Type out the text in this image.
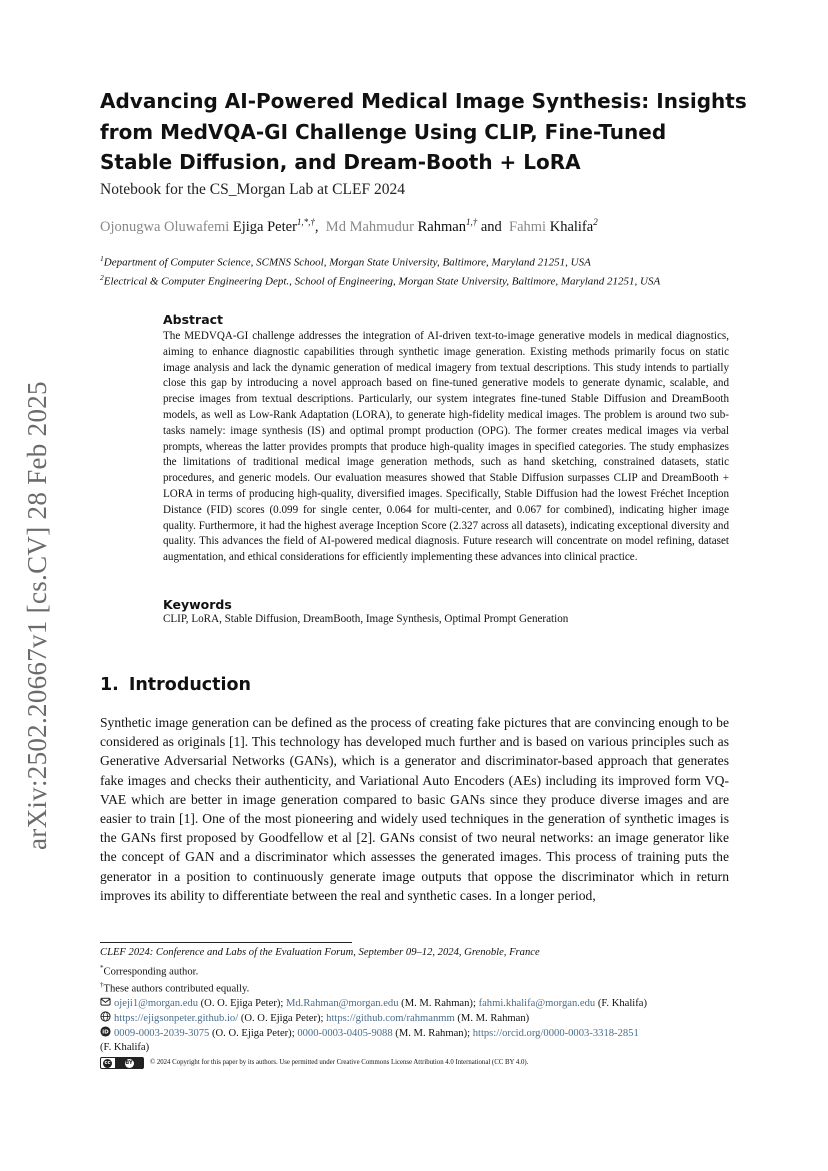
arXiv:2502.20667v1 [cs.CV] 28 Feb 2025
Advancing AI-Powered Medical Image Synthesis: Insights
from MedVQA-GI Challenge Using CLIP, Fine-Tuned
Stable Diffusion, and Dream-Booth + LoRA
Notebook for the CS_Morgan Lab at CLEF 2024
Ojonugwa Oluwafemi Ejiga Peter$^{1,*,\dagger}$, Md Mahmudur Rahman$^{1,\dagger}$ and Fahmi Khalifa$^2$
$^1$Department of Computer Science, SCMNS School, Morgan State University, Baltimore, Maryland 21251, USA
$^2$Electrical & Computer Engineering Dept., School of Engineering, Morgan State University, Baltimore, Maryland 21251, USA
Abstract
The MEDVQA-GI challenge addresses the integration of AI-driven text-to-image generative models in medical diagnostics, aiming to enhance diagnostic capabilities through synthetic image generation. Existing methods primarily focus on static image analysis and lack the dynamic generation of medical imagery from textual descriptions. This study intends to partially close this gap by introducing a novel approach based on fine-tuned generative models to generate dynamic, scalable, and precise images from textual descriptions. Particularly, our system integrates fine-tuned Stable Diffusion and DreamBooth models, as well as Low-Rank Adaptation (LORA), to generate high-fidelity medical images. The problem is around two sub-tasks namely: image synthesis (IS) and optimal prompt production (OPG). The former creates medical images via verbal prompts, whereas the latter provides prompts that produce high-quality images in specified categories. The study emphasizes the limitations of traditional medical image generation methods, such as hand sketching, constrained datasets, static procedures, and generic models. Our evaluation measures showed that Stable Diffusion surpasses CLIP and DreamBooth + LORA in terms of producing high-quality, diversified images. Specifically, Stable Diffusion had the lowest Fréchet Inception Distance (FID) scores (0.099 for single center, 0.064 for multi-center, and 0.067 for combined), indicating higher image quality. Furthermore, it had the highest average Inception Score (2.327 across all datasets), indicating exceptional diversity and quality. This advances the field of AI-powered medical diagnosis. Future research will concentrate on model refining, dataset augmentation, and ethical considerations for efficiently implementing these advances into clinical practice.
Keywords
CLIP, LoRA, Stable Diffusion, DreamBooth, Image Synthesis, Optimal Prompt Generation
1. Introduction
Synthetic image generation can be defined as the process of creating fake pictures that are convincing enough to be considered as originals [1]. This technology has developed much further and is based on various principles such as Generative Adversarial Networks (GANs), which is a generator and discriminator-based approach that generates fake images and checks their authenticity, and Variational Auto Encoders (AEs) including its improved form VQ-VAE which are better in image generation compared to basic GANs since they produce diverse images and are easier to train [1]. One of the most pioneering and widely used techniques in the generation of synthetic images is the GANs first proposed by Goodfellow et al [2]. GANs consist of two neural networks: an image generator like the concept of GAN and a discriminator which assesses the generated images. This process of training puts the generator in a position to continuously generate image outputs that oppose the discriminator which in return improves its ability to differentiate between the real and synthetic cases. In a longer period,
CLEF 2024: Conference and Labs of the Evaluation Forum, September 09–12, 2024, Grenoble, France
*Corresponding author.
†These authors contributed equally.
ojeji1@morgan.edu (O. O. Ejiga Peter); Md.Rahman@morgan.edu (M. M. Rahman); fahmi.khalifa@morgan.edu (F. Khalifa)
https://ejigsonpeter.github.io/ (O. O. Ejiga Peter); https://github.com/rahmanmm (M. M. Rahman)
iD 0009-0003-2039-3075 (O. O. Ejiga Peter); 0000-0003-0405-9088 (M. M. Rahman); https://orcid.org/0000-0003-3318-2851
(F. Khalifa)
cc	BY	© 2024 Copyright for this paper by its authors. Use permitted under Creative Commons License Attribution 4.0 International (CC BY 4.0).
